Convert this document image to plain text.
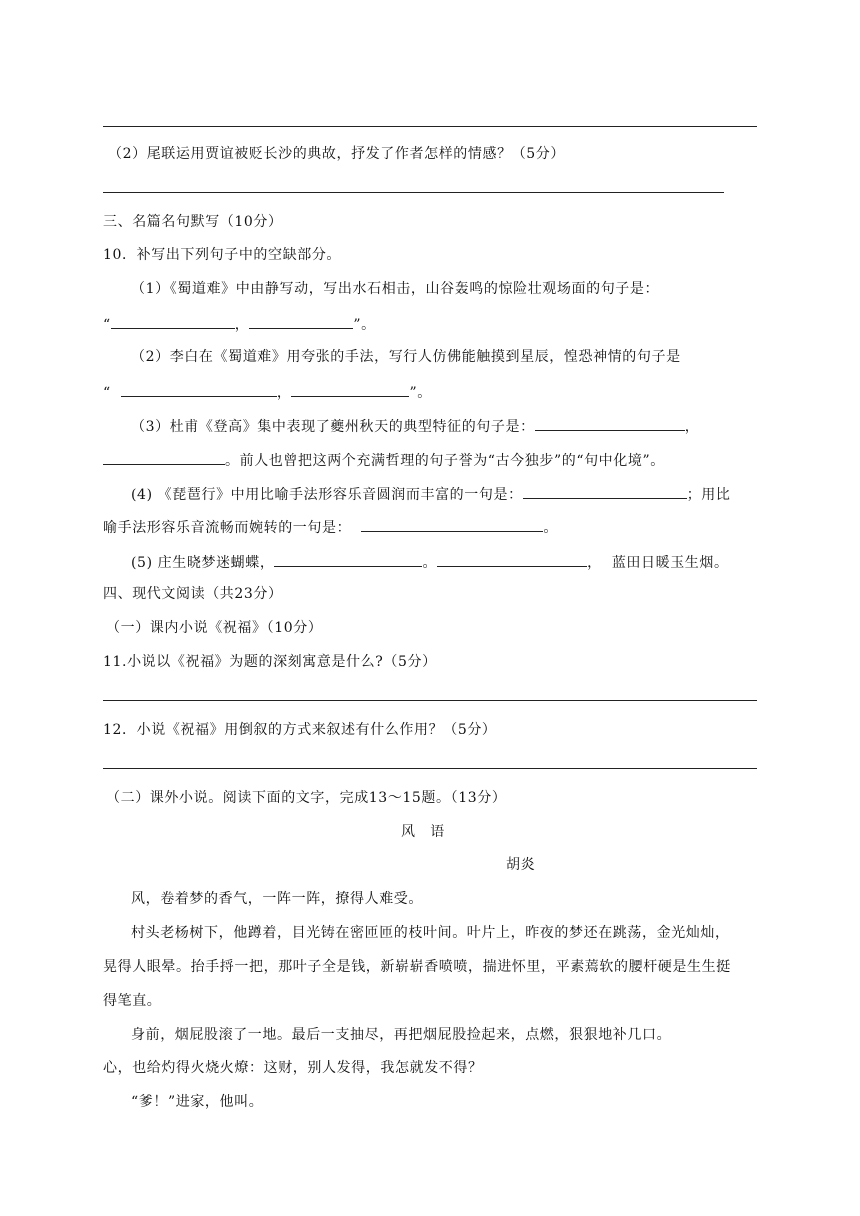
（2）尾联运用贾谊被贬长沙的典故，抒发了作者怎样的情感？（5分）
三、名篇名句默写（10分）
10．补写出下列句子中的空缺部分。
（1）《蜀道难》中由静写动，写出水石相击，山谷轰鸣的惊险壮观场面的句子是：
“	，	”。
（2）李白在《蜀道难》用夸张的手法，写行人仿佛能触摸到星辰，惶恐神情的句子是
“	，	”。
（3）杜甫《登高》集中表现了夔州秋天的典型特征的句子是：	，
。前人也曾把这两个充满哲理的句子誉为“古今独步”的“句中化境”。
(4) 《琵琶行》中用比喻手法形容乐音圆润而丰富的一句是：	；用比
喻手法形容乐音流畅而婉转的一句是：	。
(5) 庄生晓梦迷蝴蝶，	。	， 蓝田日暖玉生烟。
四、现代文阅读（共23分）
（一）课内小说《祝福》（10分）
11.小说以《祝福》为题的深刻寓意是什么?（5分）
12．小说《祝福》用倒叙的方式来叙述有什么作用？（5分）
（二）课外小说。阅读下面的文字，完成13～15题。（13分）
风　语
胡炎
风，卷着梦的香气，一阵一阵，撩得人难受。
村头老杨树下，他蹲着，目光铸在密匝匝的枝叶间。叶片上，昨夜的梦还在跳荡，金光灿灿，
晃得人眼晕。抬手捋一把，那叶子全是钱，新崭崭香喷喷，揣进怀里，平素蔫软的腰杆硬是生生挺
得笔直。
身前，烟屁股滚了一地。最后一支抽尽，再把烟屁股捡起来，点燃，狠狠地补几口。
心，也给灼得火烧火燎：这财，别人发得，我怎就发不得？
“爹！”进家，他叫。
